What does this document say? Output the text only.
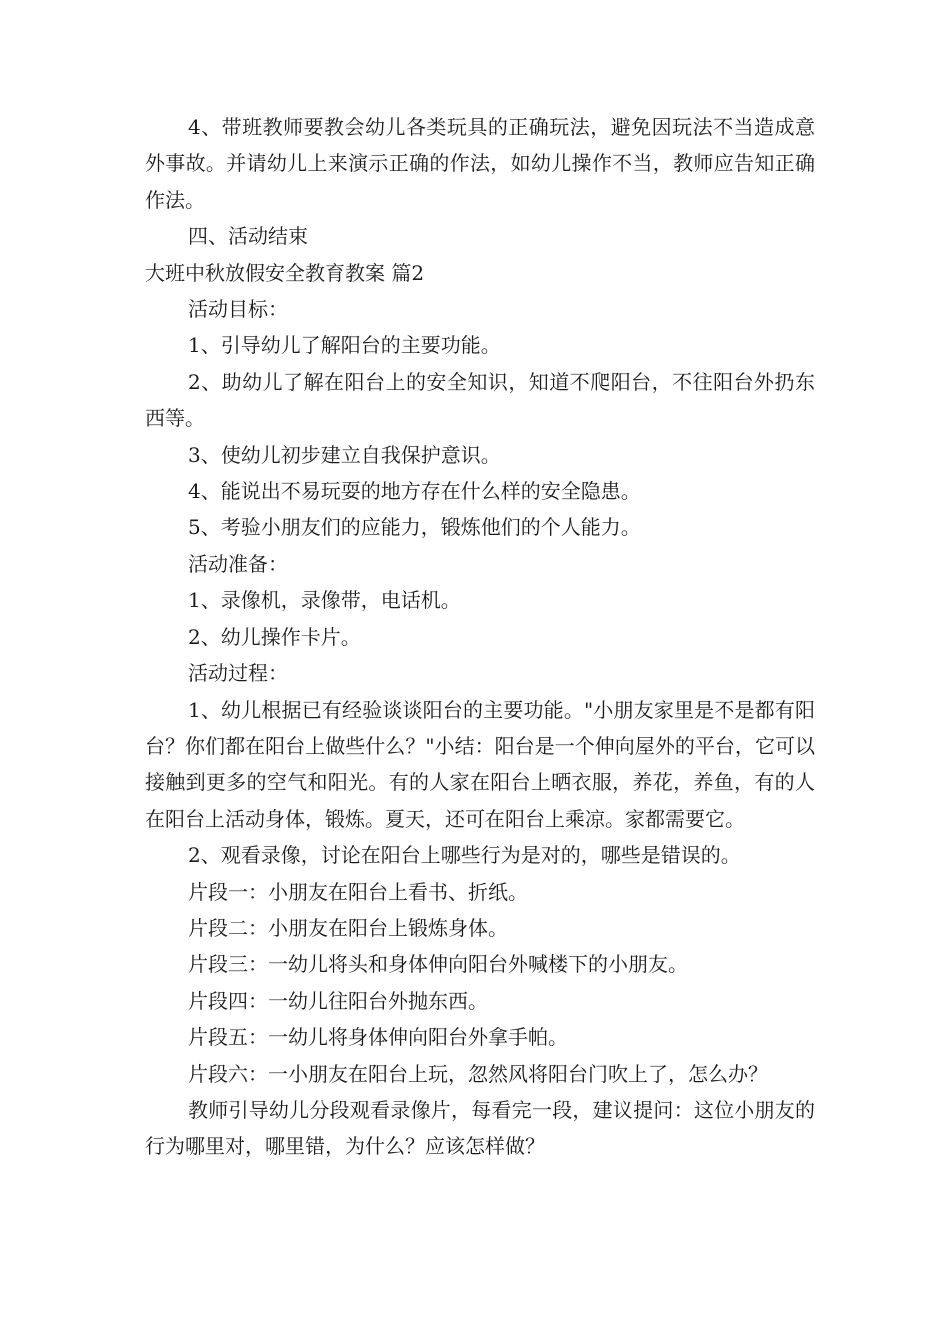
4、带班教师要教会幼儿各类玩具的正确玩法，避免因玩法不当造成意外事故。并请幼儿上来演示正确的作法，如幼儿操作不当，教师应告知正确作法。

四、活动结束

大班中秋放假安全教育教案 篇2

活动目标：

1、引导幼儿了解阳台的主要功能。

2、助幼儿了解在阳台上的安全知识，知道不爬阳台，不往阳台外扔东西等。

3、使幼儿初步建立自我保护意识。

4、能说出不易玩耍的地方存在什么样的安全隐患。

5、考验小朋友们的应能力，锻炼他们的个人能力。

活动准备：

1、录像机，录像带，电话机。

2、幼儿操作卡片。

活动过程：

1、幼儿根据已有经验谈谈阳台的主要功能。"小朋友家里是不是都有阳台？你们都在阳台上做些什么？"小结：阳台是一个伸向屋外的平台，它可以接触到更多的空气和阳光。有的人家在阳台上晒衣服，养花，养鱼，有的人在阳台上活动身体，锻炼。夏天，还可在阳台上乘凉。家都需要它。

2、观看录像，讨论在阳台上哪些行为是对的，哪些是错误的。

片段一：小朋友在阳台上看书、折纸。

片段二：小朋友在阳台上锻炼身体。

片段三：一幼儿将头和身体伸向阳台外喊楼下的小朋友。

片段四：一幼儿往阳台外抛东西。

片段五：一幼儿将身体伸向阳台外拿手帕。

片段六：一小朋友在阳台上玩，忽然风将阳台门吹上了，怎么办？

教师引导幼儿分段观看录像片，每看完一段，建议提问：这位小朋友的行为哪里对，哪里错，为什么？应该怎样做？
